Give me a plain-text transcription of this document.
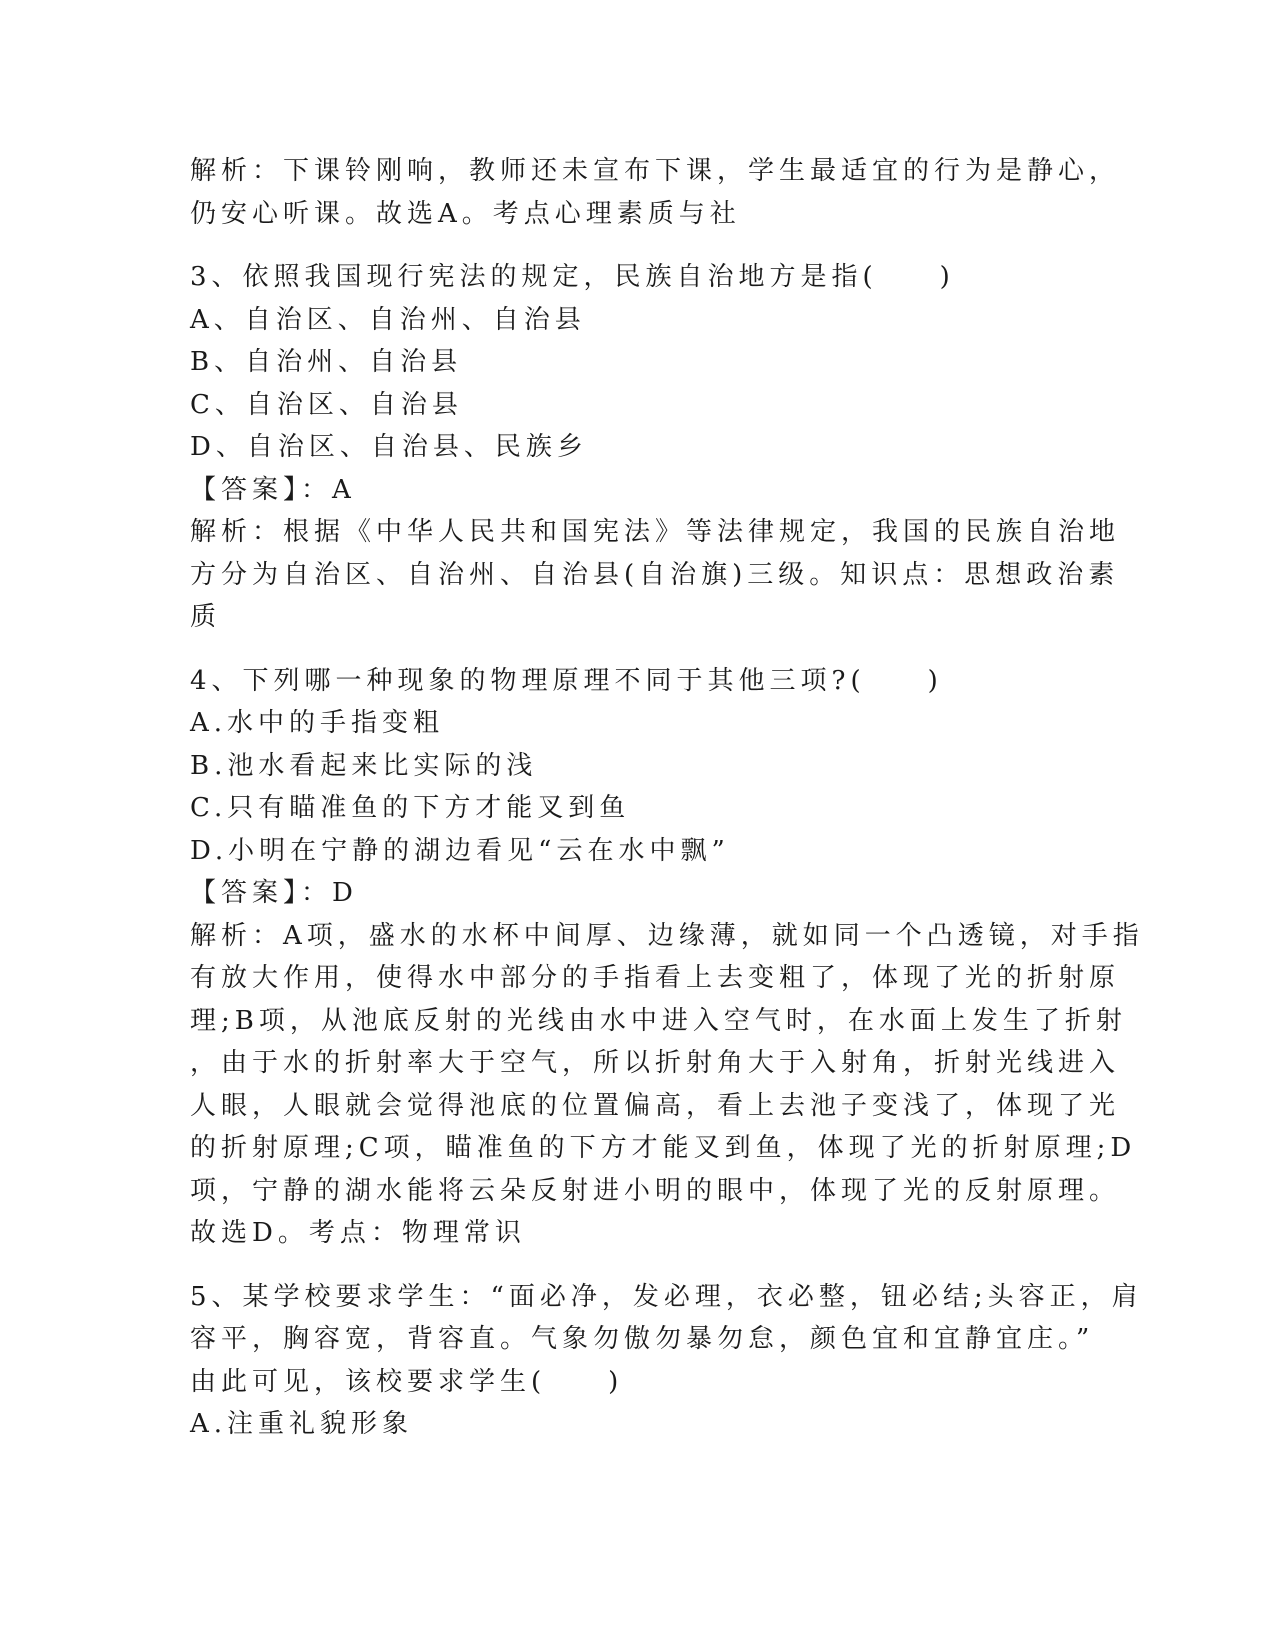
解析：下课铃刚响，教师还未宣布下课，学生最适宜的行为是静心，
仍安心听课。故选A。考点心理素质与社
3、依照我国现行宪法的规定，民族自治地方是指(　　)
A、自治区、自治州、自治县
B、自治州、自治县
C、自治区、自治县
D、自治区、自治县、民族乡
【答案】：A
解析：根据《中华人民共和国宪法》等法律规定，我国的民族自治地
方分为自治区、自治州、自治县(自治旗)三级。知识点：思想政治素
质
4、下列哪一种现象的物理原理不同于其他三项?(　　)
A.水中的手指变粗
B.池水看起来比实际的浅
C.只有瞄准鱼的下方才能叉到鱼
D.小明在宁静的湖边看见“云在水中飘”
【答案】：D
解析：A项，盛水的水杯中间厚、边缘薄，就如同一个凸透镜，对手指
有放大作用，使得水中部分的手指看上去变粗了，体现了光的折射原
理;B项，从池底反射的光线由水中进入空气时，在水面上发生了折射
，由于水的折射率大于空气，所以折射角大于入射角，折射光线进入
人眼，人眼就会觉得池底的位置偏高，看上去池子变浅了，体现了光
的折射原理;C项，瞄准鱼的下方才能叉到鱼，体现了光的折射原理;D
项，宁静的湖水能将云朵反射进小明的眼中，体现了光的反射原理。
故选D。考点：物理常识
5、某学校要求学生：“面必净，发必理，衣必整，钮必结;头容正，肩
容平，胸容宽，背容直。气象勿傲勿暴勿怠，颜色宜和宜静宜庄。”
由此可见，该校要求学生(　　)
A.注重礼貌形象
